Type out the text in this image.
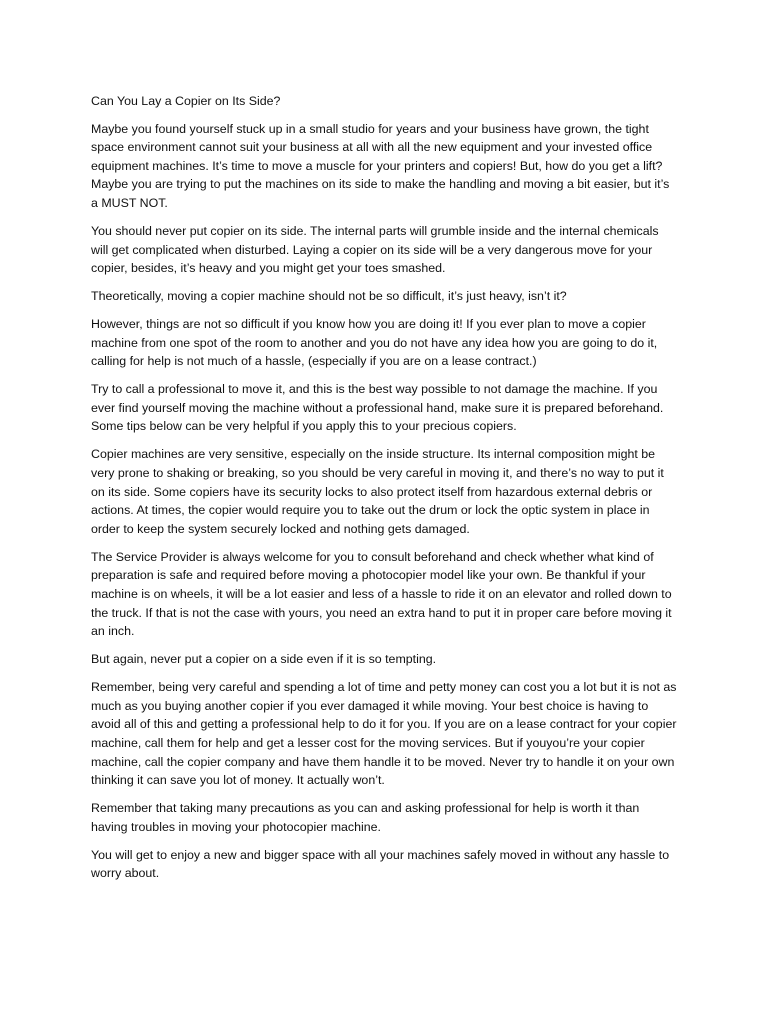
Can You Lay a Copier on Its Side?

Maybe you found yourself stuck up in a small studio for years and your business have grown, the tight space environment cannot suit your business at all with all the new equipment and your invested office equipment machines. It’s time to move a muscle for your printers and copiers! But, how do you get a lift? Maybe you are trying to put the machines on its side to make the handling and moving a bit easier, but it’s a MUST NOT.

You should never put copier on its side. The internal parts will grumble inside and the internal chemicals will get complicated when disturbed. Laying a copier on its side will be a very dangerous move for your copier, besides, it’s heavy and you might get your toes smashed.

Theoretically, moving a copier machine should not be so difficult, it’s just heavy, isn’t it?

However, things are not so difficult if you know how you are doing it! If you ever plan to move a copier machine from one spot of the room to another and you do not have any idea how you are going to do it, calling for help is not much of a hassle, (especially if you are on a lease contract.)

Try to call a professional to move it, and this is the best way possible to not damage the machine. If you ever find yourself moving the machine without a professional hand, make sure it is prepared beforehand. Some tips below can be very helpful if you apply this to your precious copiers.

Copier machines are very sensitive, especially on the inside structure. Its internal composition might be very prone to shaking or breaking, so you should be very careful in moving it, and there’s no way to put it on its side. Some copiers have its security locks to also protect itself from hazardous external debris or actions. At times, the copier would require you to take out the drum or lock the optic system in place in order to keep the system securely locked and nothing gets damaged.

The Service Provider is always welcome for you to consult beforehand and check whether what kind of preparation is safe and required before moving a photocopier model like your own. Be thankful if your machine is on wheels, it will be a lot easier and less of a hassle to ride it on an elevator and rolled down to the truck. If that is not the case with yours, you need an extra hand to put it in proper care before moving it an inch.

But again, never put a copier on a side even if it is so tempting.

Remember, being very careful and spending a lot of time and petty money can cost you a lot but it is not as much as you buying another copier if you ever damaged it while moving. Your best choice is having to avoid all of this and getting a professional help to do it for you. If you are on a lease contract for your copier machine, call them for help and get a lesser cost for the moving services. But if youyou’re your copier machine, call the copier company and have them handle it to be moved. Never try to handle it on your own thinking it can save you lot of money. It actually won’t.

Remember that taking many precautions as you can and asking professional for help is worth it than having troubles in moving your photocopier machine.

You will get to enjoy a new and bigger space with all your machines safely moved in without any hassle to worry about.
